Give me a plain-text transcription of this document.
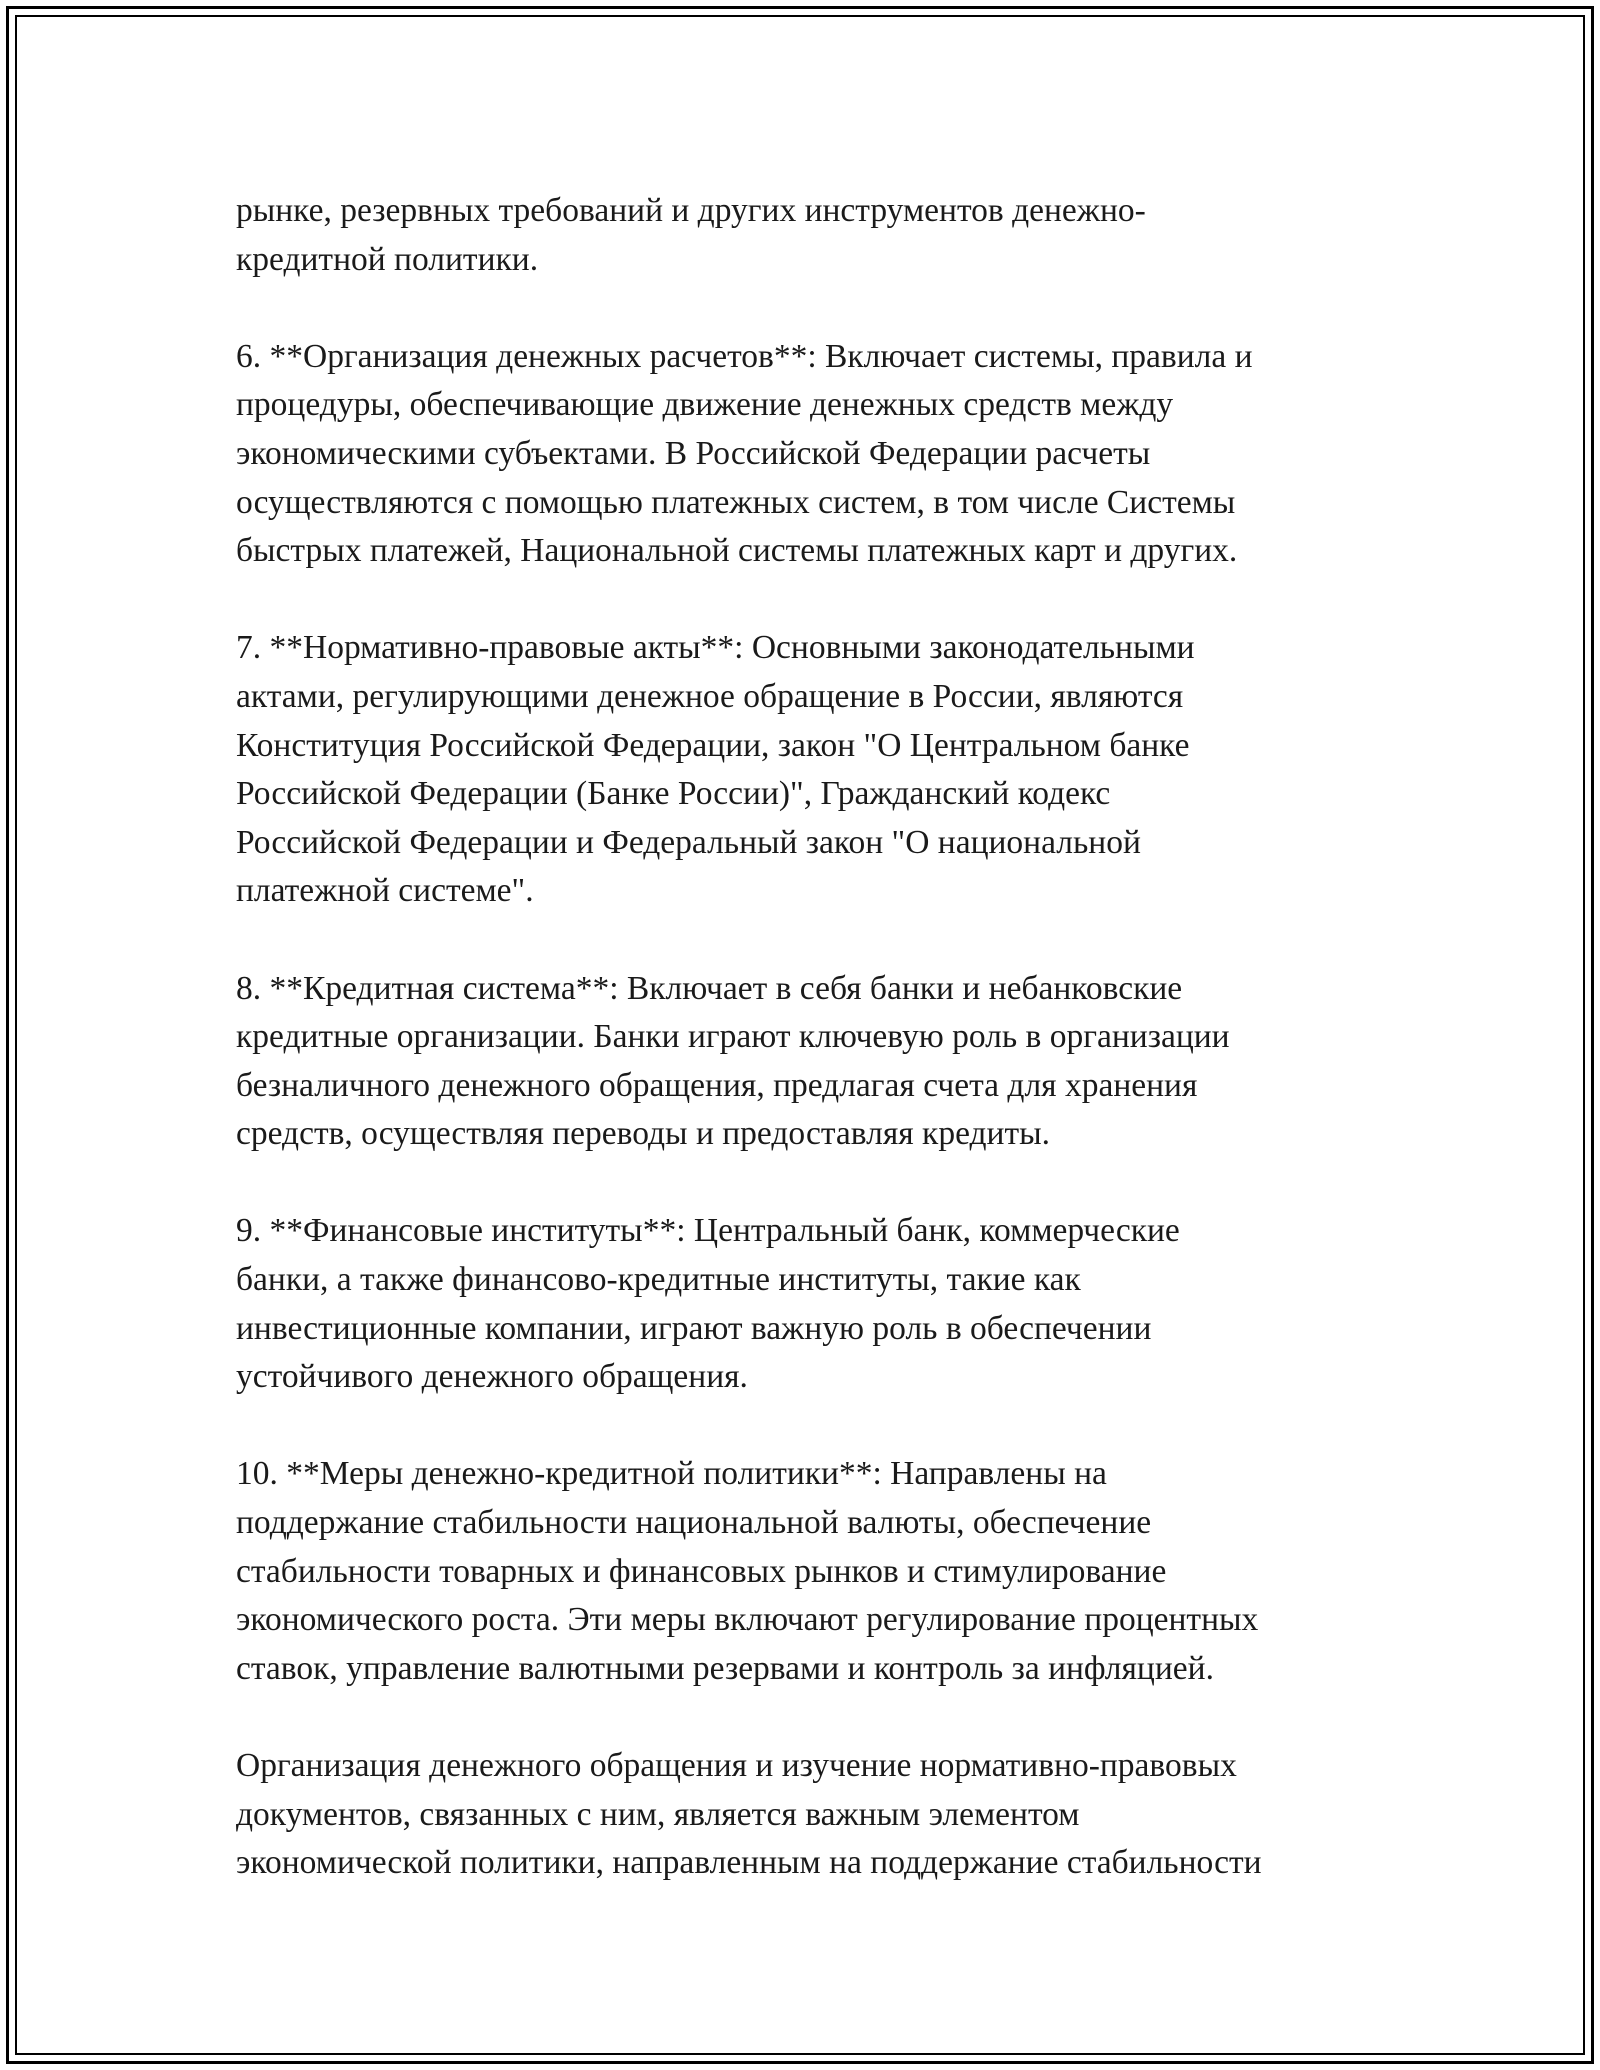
рынке, резервных требований и других инструментов денежно-
кредитной политики.

6. **Организация денежных расчетов**: Включает системы, правила и
процедуры, обеспечивающие движение денежных средств между
экономическими субъектами. В Российской Федерации расчеты
осуществляются с помощью платежных систем, в том числе Системы
быстрых платежей, Национальной системы платежных карт и других.

7. **Нормативно-правовые акты**: Основными законодательными
актами, регулирующими денежное обращение в России, являются
Конституция Российской Федерации, закон "О Центральном банке
Российской Федерации (Банке России)", Гражданский кодекс
Российской Федерации и Федеральный закон "О национальной
платежной системе".

8. **Кредитная система**: Включает в себя банки и небанковские
кредитные организации. Банки играют ключевую роль в организации
безналичного денежного обращения, предлагая счета для хранения
средств, осуществляя переводы и предоставляя кредиты.

9. **Финансовые институты**: Центральный банк, коммерческие
банки, а также финансово-кредитные институты, такие как
инвестиционные компании, играют важную роль в обеспечении
устойчивого денежного обращения.

10. **Меры денежно-кредитной политики**: Направлены на
поддержание стабильности национальной валюты, обеспечение
стабильности товарных и финансовых рынков и стимулирование
экономического роста. Эти меры включают регулирование процентных
ставок, управление валютными резервами и контроль за инфляцией.

Организация денежного обращения и изучение нормативно-правовых
документов, связанных с ним, является важным элементом
экономической политики, направленным на поддержание стабильности
